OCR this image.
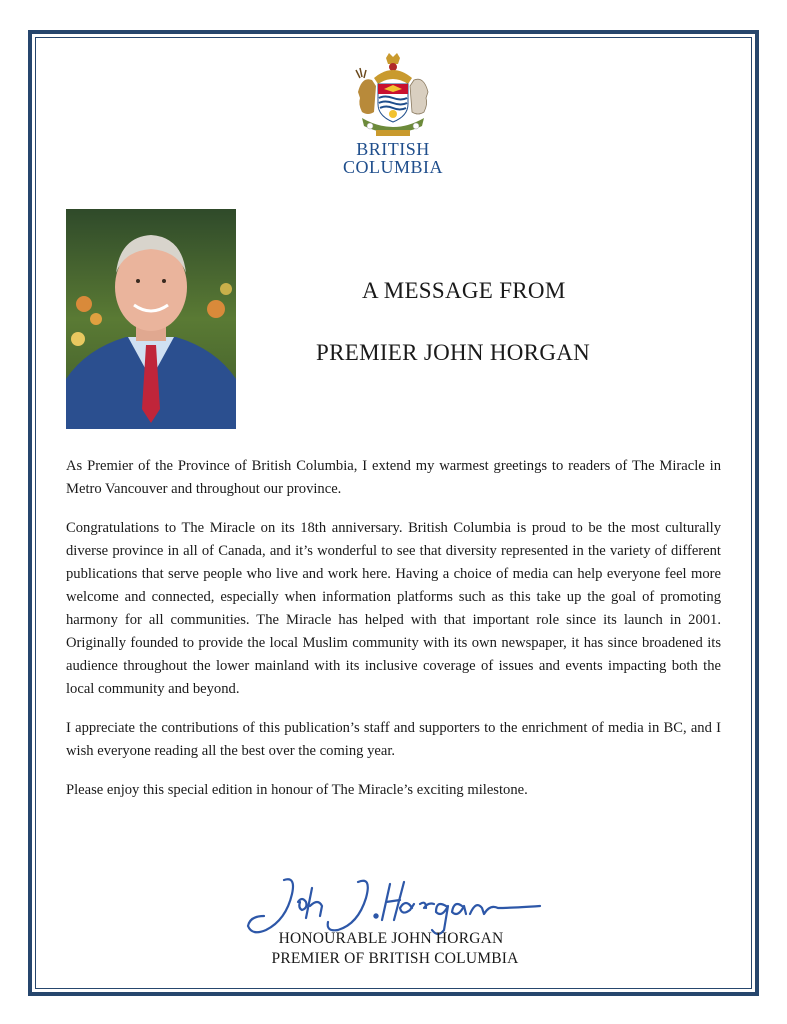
BRITISH
COLUMBIA
A MESSAGE FROM
PREMIER JOHN HORGAN

As Premier of the Province of British Columbia, I extend my warmest greetings to readers of The Miracle in Metro Vancouver and throughout our province.

Congratulations to The Miracle on its 18th anniversary. British Columbia is proud to be the most culturally diverse province in all of Canada, and it’s wonderful to see that diversity represented in the variety of different publications that serve people who live and work here. Having a choice of media can help everyone feel more welcome and connected, especially when information platforms such as this take up the goal of promoting harmony for all communities. The Miracle has helped with that important role since its launch in 2001. Originally founded to provide the local Muslim community with its own newspaper, it has since broadened its audience throughout the lower mainland with its inclusive coverage of issues and events impacting both the local community and beyond.

I appreciate the contributions of this publication’s staff and supporters to the enrichment of media in BC, and I wish everyone reading all the best over the coming year.

Please enjoy this special edition in honour of The Miracle’s exciting milestone.

HONOURABLE JOHN HORGAN
PREMIER OF BRITISH COLUMBIA
